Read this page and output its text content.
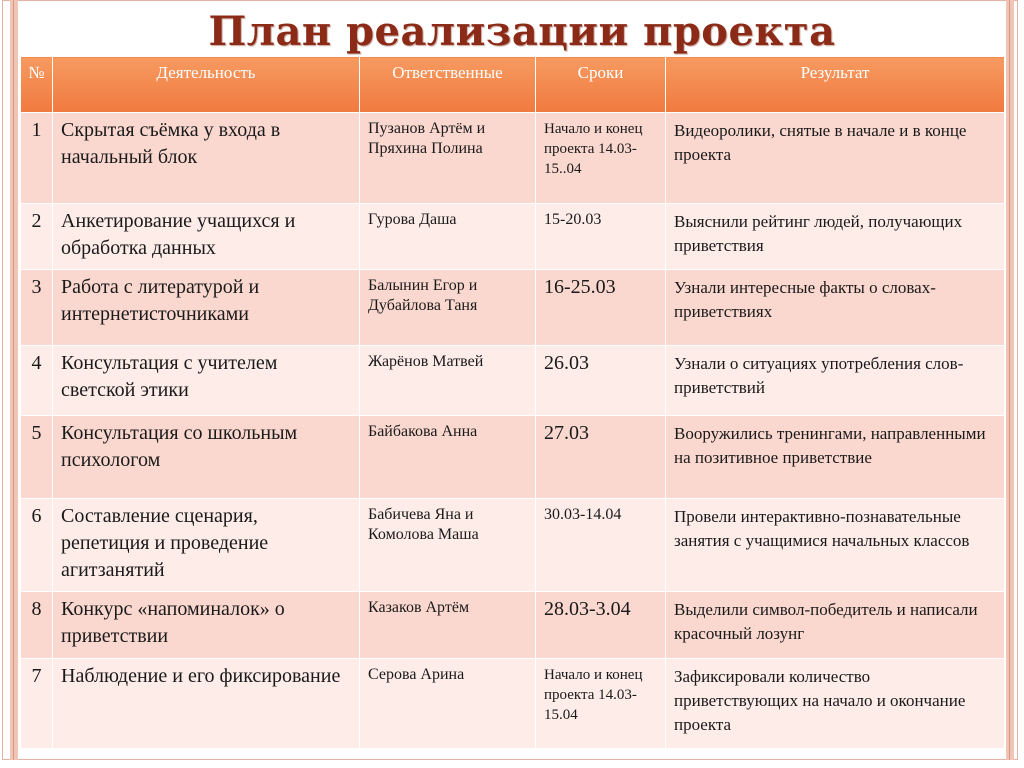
План реализации проекта
№	Деятельность	Ответственные	Сроки	Результат
1	Скрытая съёмка у входа в начальный блок	Пузанов Артём и Пряхина Полина	Начало и конец проекта 14.03-15..04	Видеоролики, снятые в начале и в конце проекта
2	Анкетирование учащихся и обработка данных	Гурова Даша	15-20.03	Выяснили рейтинг людей, получающих приветствия
3	Работа с литературой и интернетисточниками	Балынин Егор и Дубайлова Таня	16-25.03	Узнали интересные факты о словах-приветствиях
4	Консультация с учителем светской этики	Жарёнов Матвей	26.03	Узнали о ситуациях употребления слов-приветствий
5	Консультация со школьным психологом	Байбакова Анна	27.03	Вооружились тренингами, направленными на позитивное приветствие
6	Составление сценария, репетиция и проведение агитзанятий	Бабичева Яна и Комолова Маша	30.03-14.04	Провели интерактивно-познавательные занятия с учащимися начальных классов
8	Конкурс «напоминалок» о приветствии	Казаков Артём	28.03-3.04	Выделили символ-победитель и написали красочный лозунг
7	Наблюдение и его фиксирование	Серова Арина	Начало и конец проекта 14.03-15.04	Зафиксировали количество приветствующих на начало и окончание проекта
